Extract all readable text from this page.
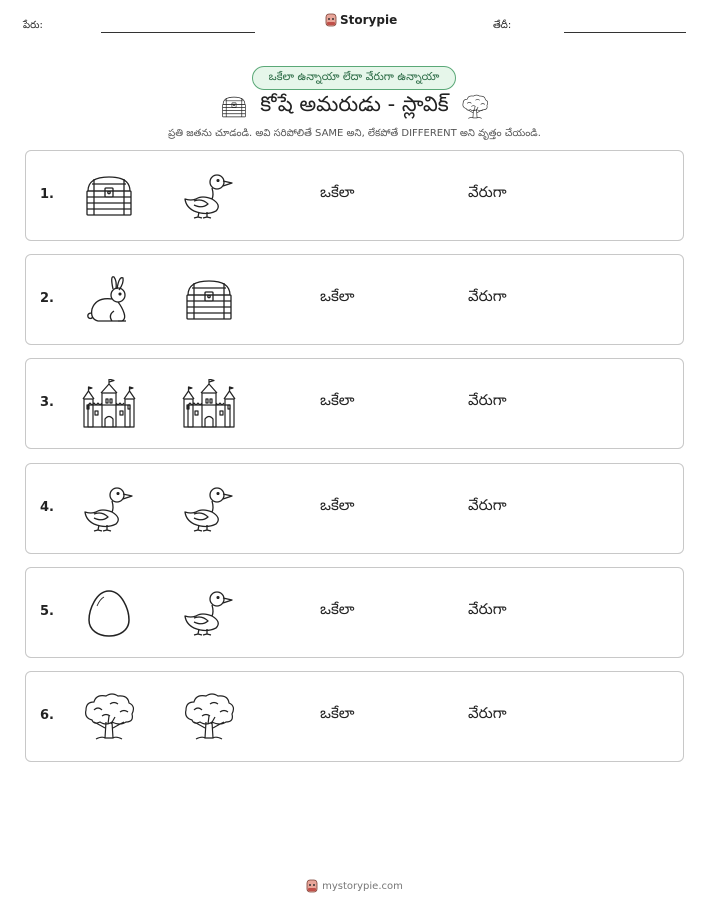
పేరు:	Storypie	తేదీ:
ఒకేలా ఉన్నాయా లేదా వేరుగా ఉన్నాయా
కోషే అమరుడు - స్లావిక్
ప్రతి జతను చూడండి. అవి సరిపోలితే SAME అని, లేకపోతే DIFFERENT అని వృత్తం చేయండి.
1.	ఒకేలా	వేరుగా
2.	ఒకేలా	వేరుగా
3.	ఒకేలా	వేరుగా
4.	ఒకేలా	వేరుగా
5.	ఒకేలా	వేరుగా
6.	ఒకేలా	వేరుగా
mystorypie.com
